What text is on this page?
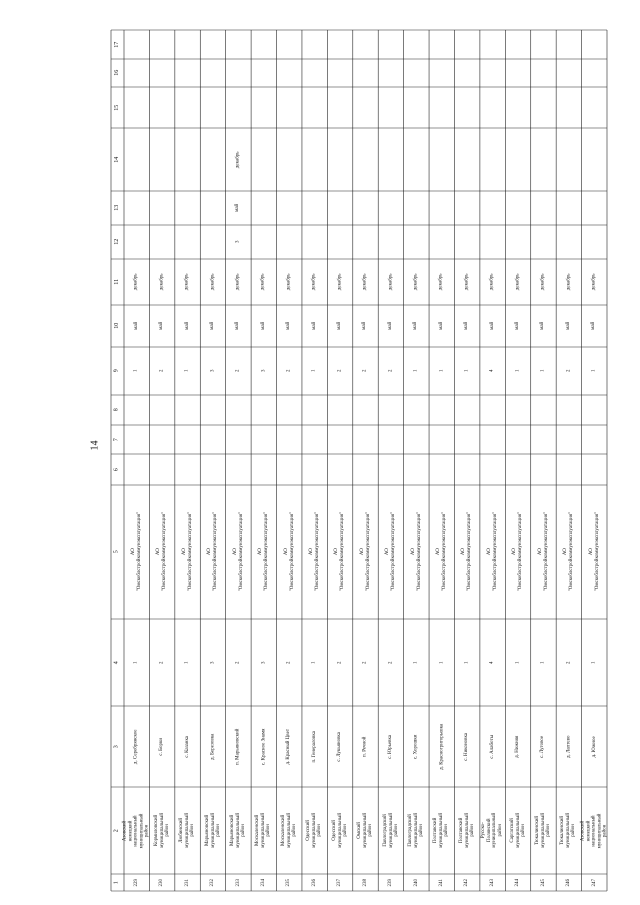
14
1
2
3
4
5
6
7
8
9
10
11
12
13
14
15
16
17
229
Азовский немецкий национальный муниципальный район
д. Серебрянское
1
АО "Омскоблстройкоммунэксплуатация"
1
май
декабрь
230
Кормиловский муниципальный район
с. Борки
2
АО "Омскоблстройкоммунэксплуатация"
2
май
декабрь
231
Любинский муниципальный район
с. Казанка
1
АО "Омскоблстройкоммунэксплуатация"
1
май
декабрь
232
Марьяновский муниципальный район
д. Березовка
3
АО "Омскоблстройкоммунэксплуатация"
3
май
декабрь
233
Марьяновский муниципальный район
п. Марьяновский
2
АО "Омскоблстройкоммунэксплуатация"
2
май
декабрь
3
май
декабрь
234
Москаленский муниципальный район
с. Красное Знамя
3
АО "Омскоблстройкоммунэксплуатация"
3
май
декабрь
235
Москаленский муниципальный район
д. Красный Цвет
2
АО "Омскоблстройкоммунэксплуатация"
2
май
декабрь
236
Одесский муниципальный район
п. Генераловка
1
АО "Омскоблстройкоммунэксплуатация"
1
май
декабрь
237
Одесский муниципальный район
с. Лукьяновка
2
АО "Омскоблстройкоммунэксплуатация"
2
май
декабрь
238
Омский муниципальный район
п. Речной
2
АО "Омскоблстройкоммунэксплуатация"
2
май
декабрь
239
Павлоградский муниципальный район
с. Юрьевка
2
АО "Омскоблстройкоммунэксплуатация"
2
май
декабрь
240
Павлоградский муниципальный район
с. Хорошки
1
АО "Омскоблстройкоммунэксплуатация"
1
май
декабрь
241
Полтавский муниципальный район
д. Красногригорьевка
1
АО "Омскоблстройкоммунэксплуатация"
1
май
декабрь
242
Полтавский муниципальный район
с. Никоновка
1
АО "Омскоблстройкоммунэксплуатация"
1
май
декабрь
243
Русско-Полянский муниципальный район
с. Алаботы
4
АО "Омскоблстройкоммунэксплуатация"
4
май
декабрь
244
Саргатский муниципальный район
д. Нижняя
1
АО "Омскоблстройкоммунэксплуатация"
1
май
декабрь
245
Тюкалинский муниципальный район
с. Луговое
1
АО "Омскоблстройкоммунэксплуатация"
1
май
декабрь
246
Тюкалинский муниципальный район
д. Лаптево
2
АО "Омскоблстройкоммунэксплуатация"
2
май
декабрь
247
Азовский немецкий национальный муниципальный район
д. Южное
1
АО "Омскоблстройкоммунэксплуатация"
1
май
декабрь
